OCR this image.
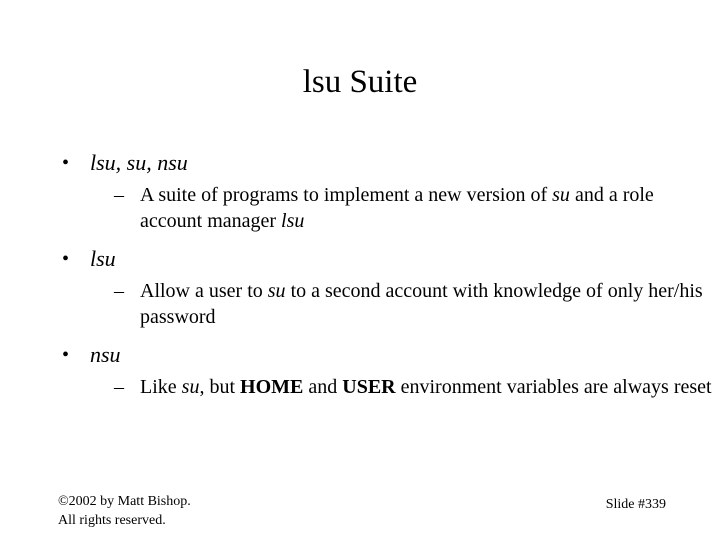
lsu Suite
• lsu, su, nsu
– A suite of programs to implement a new version of su and a role account manager lsu
• lsu
– Allow a user to su to a second account with knowledge of only her/his password
• nsu
– Like su, but HOME and USER environment variables are always reset
©2002 by Matt Bishop.
All rights reserved.
Slide #339
